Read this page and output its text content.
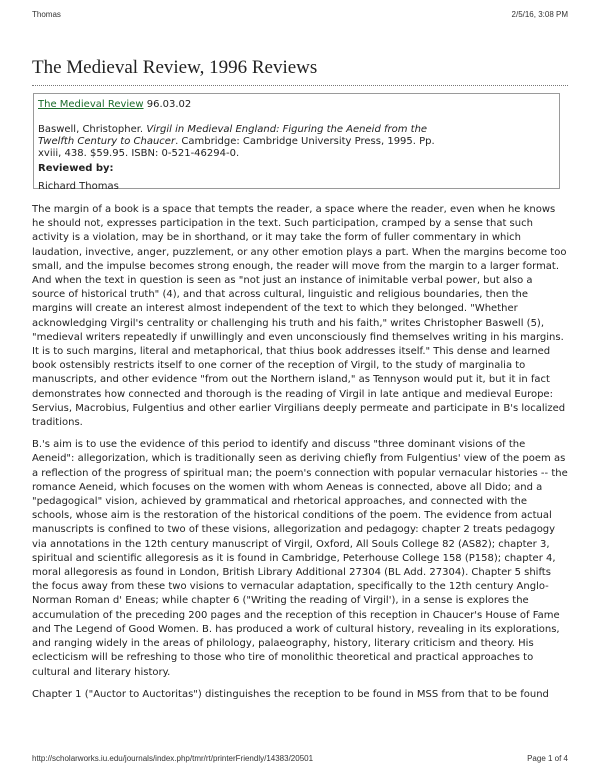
Thomas	2/5/16, 3:08 PM
The Medieval Review, 1996 Reviews
The Medieval Review 96.03.02
Baswell, Christopher. Virgil in Medieval England: Figuring the Aeneid from the Twelfth Century to Chaucer. Cambridge: Cambridge University Press, 1995. Pp. xviii, 438. $59.95. ISBN: 0-521-46294-0.
Reviewed by:
Richard Thomas

The margin of a book is a space that tempts the reader, a space where the reader, even when he knows he should not, expresses participation in the text. Such participation, cramped by a sense that such activity is a violation, may be in shorthand, or it may take the form of fuller commentary in which laudation, invective, anger, puzzlement, or any other emotion plays a part. When the margins become too small, and the impulse becomes strong enough, the reader will move from the margin to a larger format. And when the text in question is seen as "not just an instance of inimitable verbal power, but also a source of historical truth" (4), and that across cultural, linguistic and religious boundaries, then the margins will create an interest almost independent of the text to which they belonged. "Whether acknowledging Virgil's centrality or challenging his truth and his faith," writes Christopher Baswell (5), "medieval writers repeatedly if unwillingly and even unconsciously find themselves writing in his margins. It is to such margins, literal and metaphorical, that thius book addresses itself." This dense and learned book ostensibly restricts itself to one corner of the reception of Virgil, to the study of marginalia to manuscripts, and other evidence "from out the Northern island," as Tennyson would put it, but it in fact demonstrates how connected and thorough is the reading of Virgil in late antique and medieval Europe: Servius, Macrobius, Fulgentius and other earlier Virgilians deeply permeate and participate in B's localized traditions.

B.'s aim is to use the evidence of this period to identify and discuss "three dominant visions of the Aeneid": allegorization, which is traditionally seen as deriving chiefly from Fulgentius' view of the poem as a reflection of the progress of spiritual man; the poem's connection with popular vernacular histories -- the romance Aeneid, which focuses on the women with whom Aeneas is connected, above all Dido; and a "pedagogical" vision, achieved by grammatical and rhetorical approaches, and connected with the schools, whose aim is the restoration of the historical conditions of the poem. The evidence from actual manuscripts is confined to two of these visions, allegorization and pedagogy: chapter 2 treats pedagogy via annotations in the 12th century manuscript of Virgil, Oxford, All Souls College 82 (AS82); chapter 3, spiritual and scientific allegoresis as it is found in Cambridge, Peterhouse College 158 (P158); chapter 4, moral allegoresis as found in London, British Library Additional 27304 (BL Add. 27304). Chapter 5 shifts the focus away from these two visions to vernacular adaptation, specifically to the 12th century Anglo-Norman Roman d' Eneas; while chapter 6 ("Writing the reading of Virgil'), in a sense is explores the accumulation of the preceding 200 pages and the reception of this reception in Chaucer's House of Fame and The Legend of Good Women. B. has produced a work of cultural history, revealing in its explorations, and ranging widely in the areas of philology, palaeography, history, literary criticism and theory. His eclecticism will be refreshing to those who tire of monolithic theoretical and practical approaches to cultural and literary history.

Chapter 1 ("Auctor to Auctoritas") distinguishes the reception to be found in MSS from that to be found

http://scholarworks.iu.edu/journals/index.php/tmr/rt/printerFriendly/14383/20501	Page 1 of 4
